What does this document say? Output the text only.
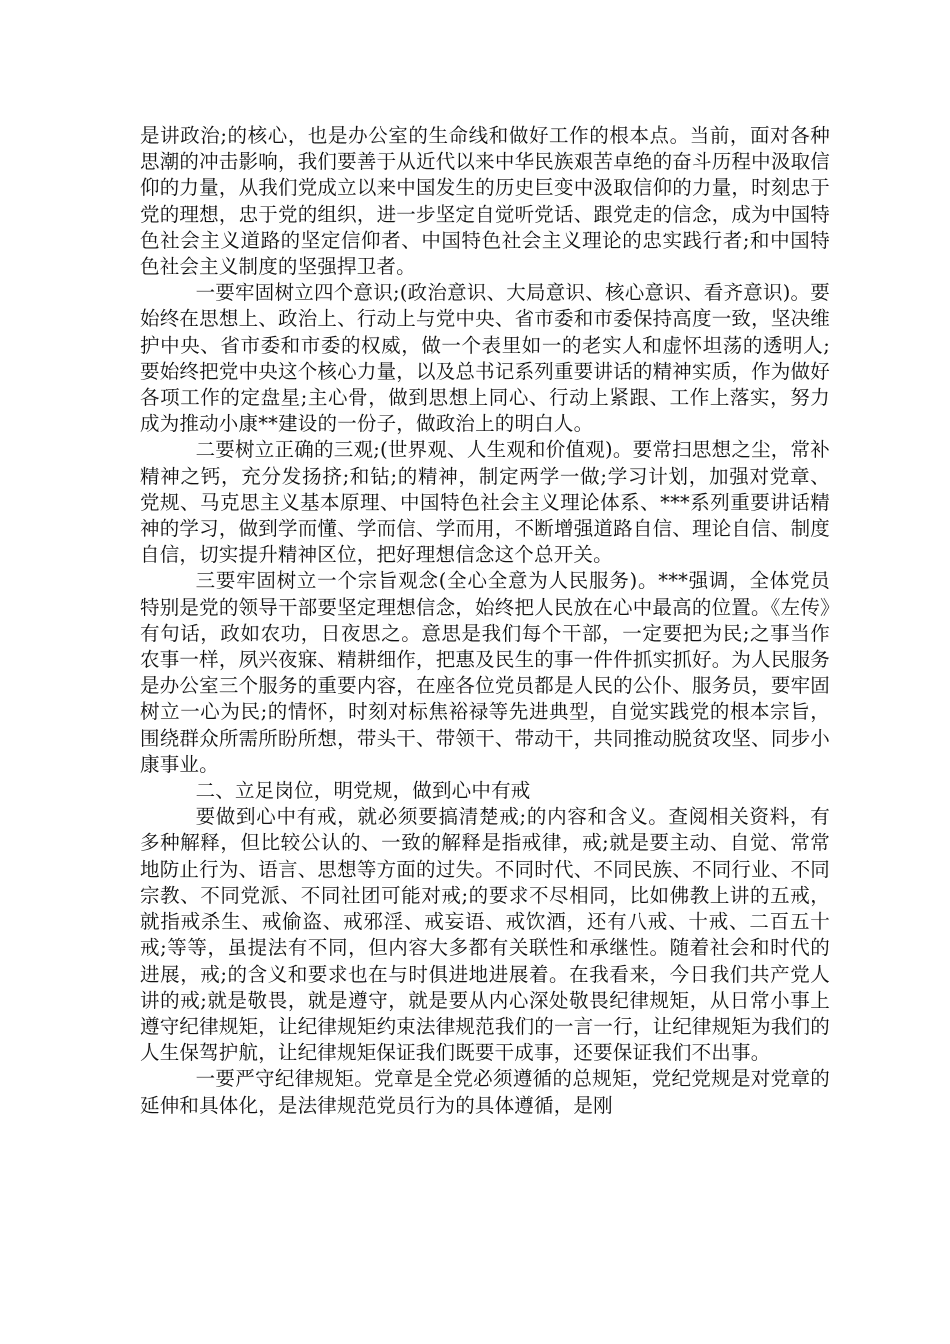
是讲政治;的核心，也是办公室的生命线和做好工作的根本点。当前，面对各种思潮的冲击影响，我们要善于从近代以来中华民族艰苦卓绝的奋斗历程中汲取信仰的力量，从我们党成立以来中国发生的历史巨变中汲取信仰的力量，时刻忠于党的理想，忠于党的组织，进一步坚定自觉听党话、跟党走的信念，成为中国特色社会主义道路的坚定信仰者、中国特色社会主义理论的忠实践行者;和中国特色社会主义制度的坚强捍卫者。

一要牢固树立四个意识;(政治意识、大局意识、核心意识、看齐意识)。要始终在思想上、政治上、行动上与党中央、省市委和市委保持高度一致，坚决维护中央、省市委和市委的权威，做一个表里如一的老实人和虚怀坦荡的透明人;要始终把党中央这个核心力量，以及总书记系列重要讲话的精神实质，作为做好各项工作的定盘星;主心骨，做到思想上同心、行动上紧跟、工作上落实，努力成为推动小康**建设的一份子，做政治上的明白人。

二要树立正确的三观;(世界观、人生观和价值观)。要常扫思想之尘，常补精神之钙，充分发扬挤;和钻;的精神，制定两学一做;学习计划，加强对党章、党规、马克思主义基本原理、中国特色社会主义理论体系、***系列重要讲话精神的学习，做到学而懂、学而信、学而用，不断增强道路自信、理论自信、制度自信，切实提升精神区位，把好理想信念这个总开关。

三要牢固树立一个宗旨观念(全心全意为人民服务)。***强调，全体党员特别是党的领导干部要坚定理想信念，始终把人民放在心中最高的位置。《左传》有句话，政如农功，日夜思之。意思是我们每个干部，一定要把为民;之事当作农事一样，夙兴夜寐、精耕细作，把惠及民生的事一件件抓实抓好。为人民服务是办公室三个服务的重要内容，在座各位党员都是人民的公仆、服务员，要牢固树立一心为民;的情怀，时刻对标焦裕禄等先进典型，自觉实践党的根本宗旨，围绕群众所需所盼所想，带头干、带领干、带动干，共同推动脱贫攻坚、同步小康事业。

二、立足岗位，明党规，做到心中有戒

要做到心中有戒，就必须要搞清楚戒;的内容和含义。查阅相关资料，有多种解释，但比较公认的、一致的解释是指戒律，戒;就是要主动、自觉、常常地防止行为、语言、思想等方面的过失。不同时代、不同民族、不同行业、不同宗教、不同党派、不同社团可能对戒;的要求不尽相同，比如佛教上讲的五戒，就指戒杀生、戒偷盗、戒邪淫、戒妄语、戒饮酒，还有八戒、十戒、二百五十戒;等等，虽提法有不同，但内容大多都有关联性和承继性。随着社会和时代的进展，戒;的含义和要求也在与时俱进地进展着。在我看来，今日我们共产党人讲的戒;就是敬畏，就是遵守，就是要从内心深处敬畏纪律规矩，从日常小事上遵守纪律规矩，让纪律规矩约束法律规范我们的一言一行，让纪律规矩为我们的人生保驾护航，让纪律规矩保证我们既要干成事，还要保证我们不出事。

一要严守纪律规矩。党章是全党必须遵循的总规矩，党纪党规是对党章的延伸和具体化，是法律规范党员行为的具体遵循，是刚
